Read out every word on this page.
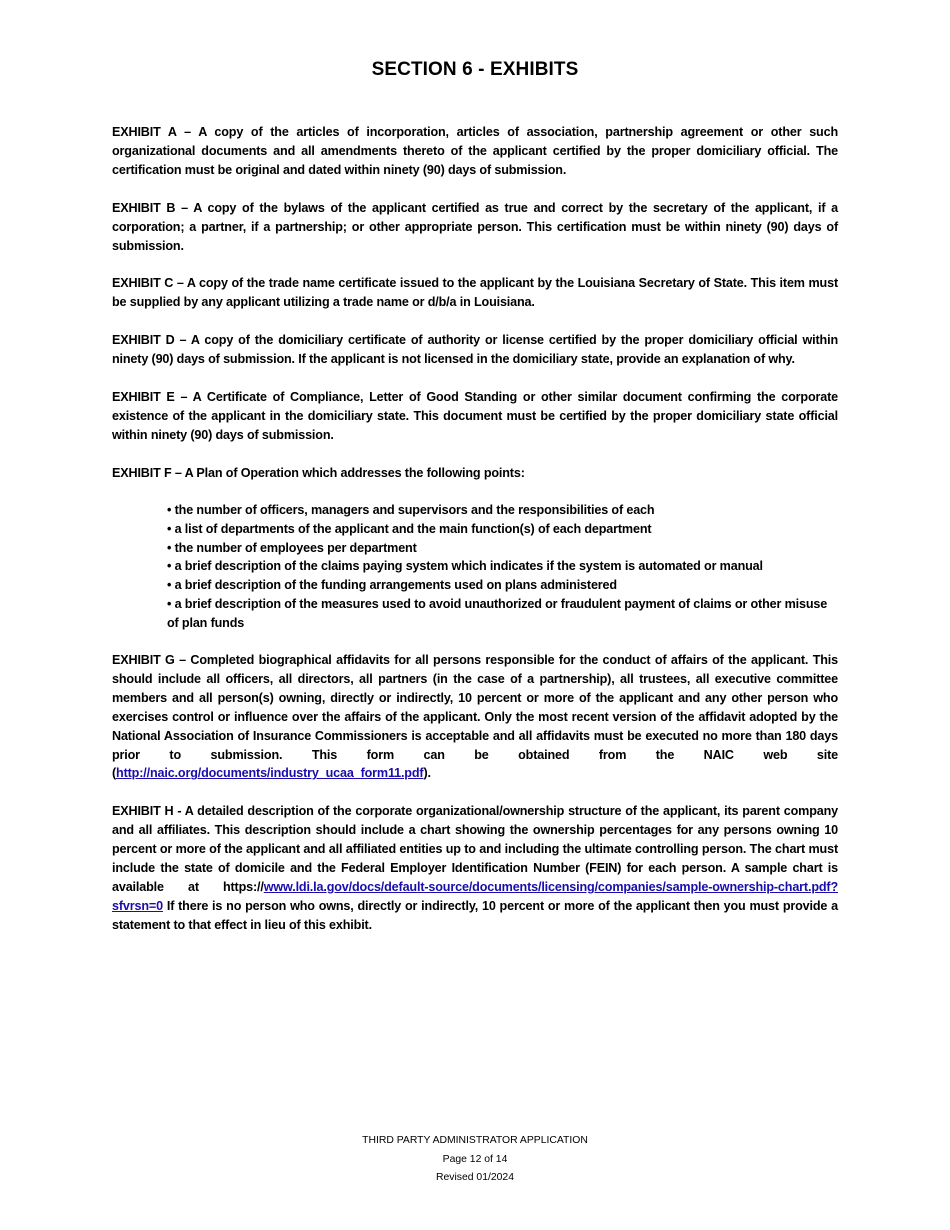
SECTION 6 - EXHIBITS

EXHIBIT A – A copy of the articles of incorporation, articles of association, partnership agreement or other such organizational documents and all amendments thereto of the applicant certified by the proper domiciliary official. The certification must be original and dated within ninety (90) days of submission.

EXHIBIT B – A copy of the bylaws of the applicant certified as true and correct by the secretary of the applicant, if a corporation; a partner, if a partnership; or other appropriate person. This certification must be within ninety (90) days of submission.

EXHIBIT C – A copy of the trade name certificate issued to the applicant by the Louisiana Secretary of State. This item must be supplied by any applicant utilizing a trade name or d/b/a in Louisiana.

EXHIBIT D – A copy of the domiciliary certificate of authority or license certified by the proper domiciliary official within ninety (90) days of submission. If the applicant is not licensed in the domiciliary state, provide an explanation of why.

EXHIBIT E – A Certificate of Compliance, Letter of Good Standing or other similar document confirming the corporate existence of the applicant in the domiciliary state. This document must be certified by the proper domiciliary state official within ninety (90) days of submission.

EXHIBIT F – A Plan of Operation which addresses the following points:

• the number of officers, managers and supervisors and the responsibilities of each
• a list of departments of the applicant and the main function(s) of each department
• the number of employees per department
• a brief description of the claims paying system which indicates if the system is automated or manual
• a brief description of the funding arrangements used on plans administered
• a brief description of the measures used to avoid unauthorized or fraudulent payment of claims or other misuse of plan funds

EXHIBIT G – Completed biographical affidavits for all persons responsible for the conduct of affairs of the applicant. This should include all officers, all directors, all partners (in the case of a partnership), all trustees, all executive committee members and all person(s) owning, directly or indirectly, 10 percent or more of the applicant and any other person who exercises control or influence over the affairs of the applicant. Only the most recent version of the affidavit adopted by the National Association of Insurance Commissioners is acceptable and all affidavits must be executed no more than 180 days prior to submission. This form can be obtained from the NAIC web site (http://naic.org/documents/industry_ucaa_form11.pdf).

EXHIBIT H - A detailed description of the corporate organizational/ownership structure of the applicant, its parent company and all affiliates. This description should include a chart showing the ownership percentages for any persons owning 10 percent or more of the applicant and all affiliated entities up to and including the ultimate controlling person. The chart must include the state of domicile and the Federal Employer Identification Number (FEIN) for each person. A sample chart is available at https://www.ldi.la.gov/docs/default-source/documents/licensing/companies/sample-ownership-chart.pdf?sfvrsn=0 If there is no person who owns, directly or indirectly, 10 percent or more of the applicant then you must provide a statement to that effect in lieu of this exhibit.

THIRD PARTY ADMINISTRATOR APPLICATION
Page 12 of 14
Revised 01/2024
